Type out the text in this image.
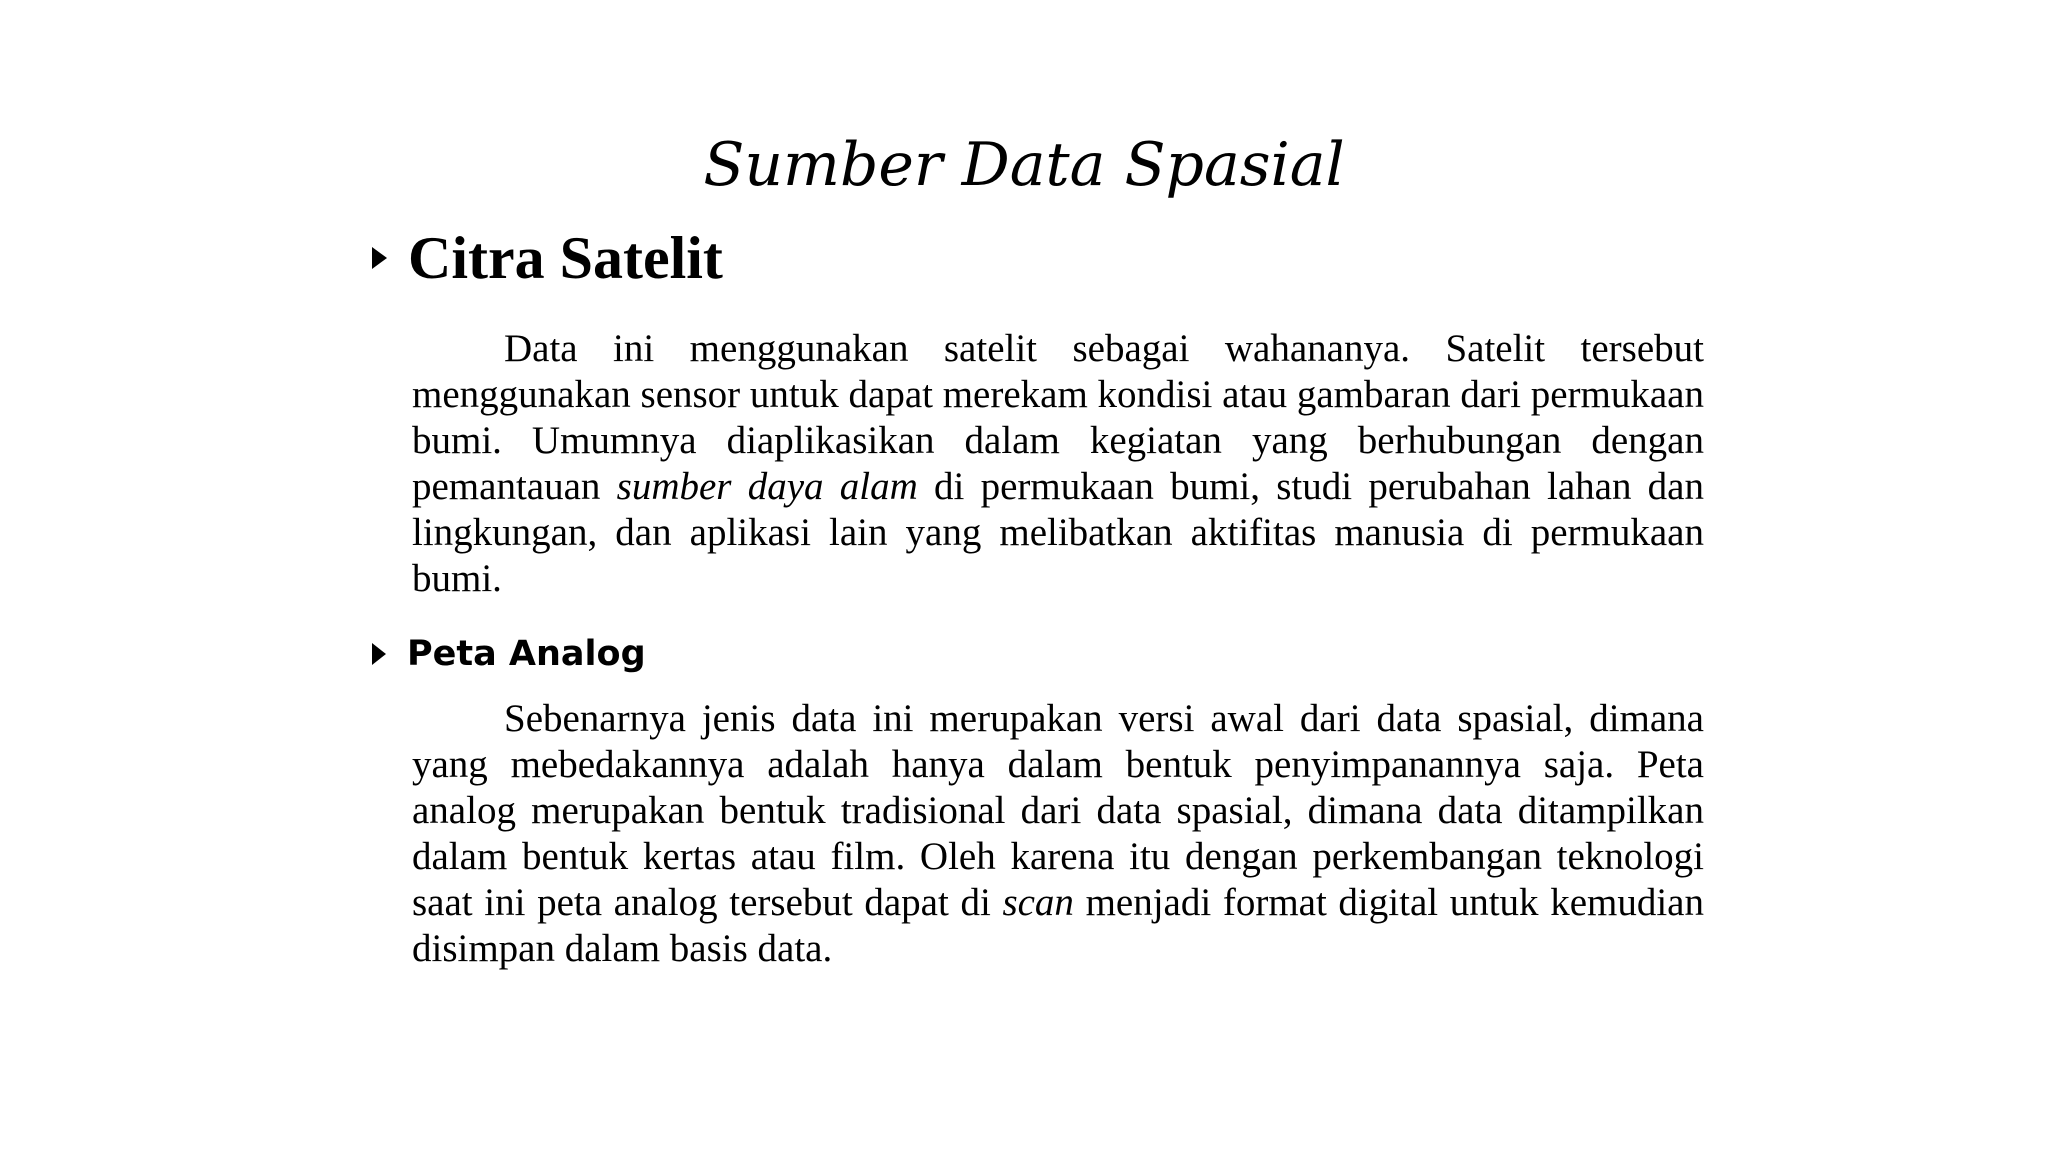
Sumber Data Spasial
Citra Satelit

Data ini menggunakan satelit sebagai wahananya. Satelit tersebut menggunakan sensor untuk dapat merekam kondisi atau gambaran dari permukaan bumi. Umumnya diaplikasikan dalam kegiatan yang berhubungan dengan pemantauan sumber daya alam di permukaan bumi, studi perubahan lahan dan lingkungan, dan aplikasi lain yang melibatkan aktifitas manusia di permukaan bumi.

Peta Analog

Sebenarnya jenis data ini merupakan versi awal dari data spasial, dimana yang mebedakannya adalah hanya dalam bentuk penyimpanannya saja. Peta analog merupakan bentuk tradisional dari data spasial, dimana data ditampilkan dalam bentuk kertas atau film. Oleh karena itu dengan perkembangan teknologi saat ini peta analog tersebut dapat di scan menjadi format digital untuk kemudian disimpan dalam basis data.
